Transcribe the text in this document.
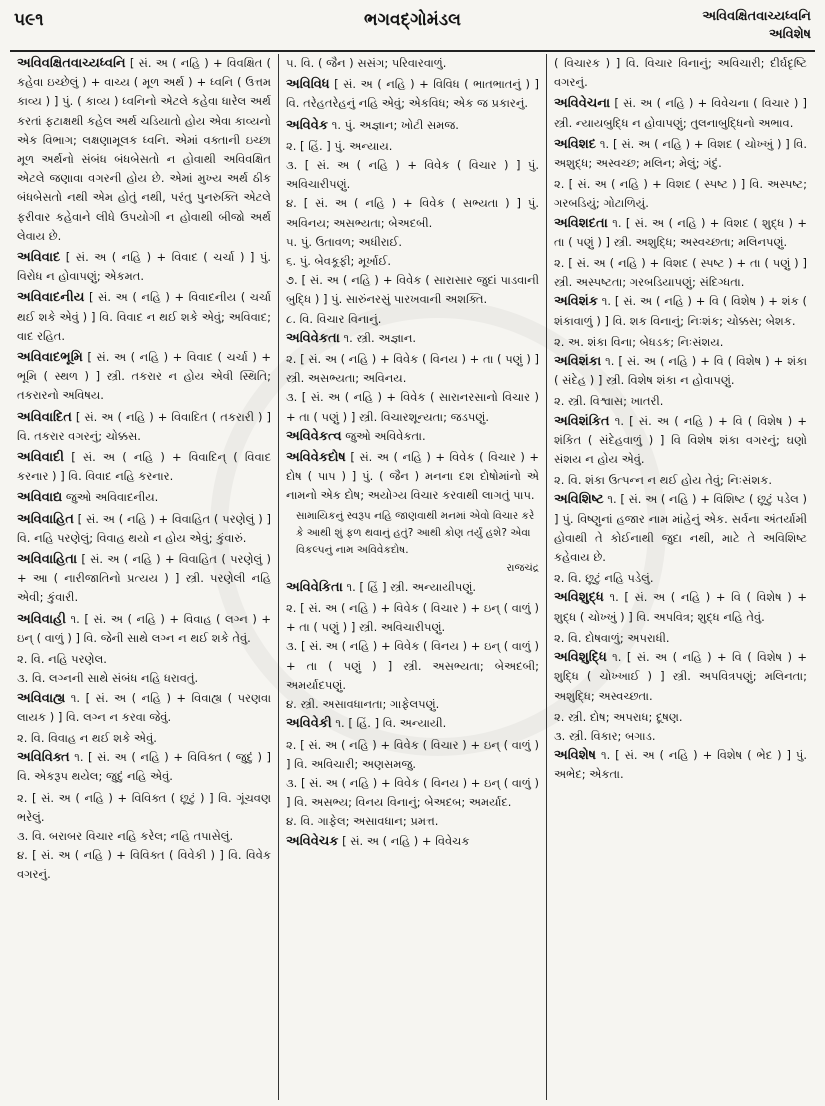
૫૯૧	ભગવદ્ગોમંડલ	અવિવક્ષિતવાચ્યધ્વનિ
અવિશેષ
અવિવક્ષિતવાચ્યધ્વનિ [ સં. અ ( નહિ ) + વિવક્ષિત ( કહેવા ઇચ્છેલું ) + વાચ્ય ( મૂળ અર્થ ) + ધ્વનિ ( ઉત્તમ કાવ્ય ) ] પું. ( કાવ્ય ) ધ્વનિનો એટલે કહેવા ધારેલ અર્થ કરતાં ફટાક્ષથી કહેલ અર્થ ચડિયાતો હોય એવા કાવ્યનો એક વિભાગ; લક્ષણામૂલક ધ્વનિ. એમાં વક્તાની ઇચ્છા મૂળ અર્થનો સંબંધ બંધબેસતો ન હોવાથી અવિવક્ષિત એટલે જણાવા વગરની હોય છે. એમાં મુખ્ય અર્થ ઠીક બંધબેસતો નથી એમ હોતું નથી, પરંતુ પુનરુક્તિ એટલે ફરીવાર કહેવાને લીધે ઉપયોગી ન હોવાથી બીજો અર્થ લેવાય છે.
અવિવાદ [ સં. અ ( નહિ ) + વિવાદ ( ચર્ચા ) ] પું. વિરોધ ન હોવાપણું; એકમત.
અવિવાદનીય [ સં. અ ( નહિ ) + વિવાદનીય ( ચર્ચા થઈ શકે એવું ) ] વિ. વિવાદ ન થઈ શકે એવું; અવિવાદ; વાદ રહિત.
અવિવાદભૂમિ [ સં. અ ( નહિ ) + વિવાદ ( ચર્ચા ) + ભૂમિ ( સ્થળ ) ] સ્ત્રી. તકરાર ન હોય એવી સ્થિતિ; તકરારનો અવિષય.
અવિવાદિત [ સં. અ ( નહિ ) + વિવાદિત ( તકરારી ) ] વિ. તકરાર વગરનું; ચોક્કસ.
અવિવાદી [ સં. અ ( નહિ ) + વિવાદિન્ ( વિવાદ કરનાર ) ] વિ. વિવાદ નહિ કરનાર.
અવિવાદ્ય જુઓ અવિવાદનીય.
અવિવાહિત [ સં. અ ( નહિ ) + વિવાહિત ( પરણેલું ) ] વિ. નહિ પરણેલું; વિવાહ થયો ન હોય એવું; કુંવારું.
અવિવાહિતા [ સં. અ ( નહિ ) + વિવાહિત ( પરણેલું ) + આ ( નારીજાતિનો પ્રત્યય ) ] સ્ત્રી. પરણેલી નહિ એવી; કુંવારી.
અવિવાહી ૧. [ સં. અ ( નહિ ) + વિવાહ ( લગ્ન ) + ઇન્ ( વાળું ) ] વિ. જેની સાથે લગ્ન ન થઈ શકે તેવું.
૨. વિ. નહિ પરણેલ.
૩. વિ. લગ્નની સાથે સંબંધ નહિ ધરાવતું.
અવિવાહ્ય ૧. [ સં. અ ( નહિ ) + વિવાહ્ય ( પરણવા લાયક ) ] વિ. લગ્ન ન કરવા જેવું.
૨. વિ. વિવાહ ન થઈ શકે એવું.
અવિવિક્ત ૧. [ સં. અ ( નહિ ) + વિવિક્ત ( જુદું ) ] વિ. એકરૂપ થયેલ; જુદું નહિ એવું.
૨. [ સં. અ ( નહિ ) + વિવિક્ત ( છૂટું ) ] વિ. ગૂંચવણ ભરેલું.
૩. વિ. બરાબર વિચાર નહિ કરેલ; નહિ તપાસેલું.
૪. [ સં. અ ( નહિ ) + વિવિક્ત ( વિવેકી ) ] વિ. વિવેક વગરનું.
૫. વિ. ( જૈન ) સસંગ; પરિવારવાળું.
અવિવિધ [ સં. અ ( નહિ ) + વિવિધ ( ભાતભાતનું ) ] વિ. તરેહતરેહનું નહિ એવું; એકવિધ; એક જ પ્રકારનું.
અવિવેક ૧. પું. અજ્ઞાન; ખોટી સમજ.
૨. [ હિં. ] પું. અન્યાય.
૩. [ સં. અ ( નહિ ) + વિવેક ( વિચાર ) ] પું. અવિચારીપણું.
૪. [ સં. અ ( નહિ ) + વિવેક ( સભ્યતા ) ] પું. અવિનય; અસભ્યતા; બેઅદબી.
૫. પું. ઉતાવળ; અધીરાઈ.
૬. પું. બેવકૂફી; મૂર્ખાઈ.
૭. [ સં. અ ( નહિ ) + વિવેક ( સારાસાર જુદાં પાડવાની બુદ્ધિ ) ] પું. સારુંનરસું પારખવાની અશક્તિ.
૮. વિ. વિચાર વિનાનું.
અવિવેકતા ૧. સ્ત્રી. અજ્ઞાન.
૨. [ સં. અ ( નહિ ) + વિવેક ( વિનય ) + તા ( પણું ) ] સ્ત્રી. અસભ્યતા; અવિનય.
૩. [ સં. અ ( નહિ ) + વિવેક ( સારાનરસાનો વિચાર ) + તા ( પણું ) ] સ્ત્રી. વિચારશૂન્યતા; જડપણું.
અવિવેકત્વ જુઓ અવિવેકતા.
અવિવેકદોષ [ સં. અ ( નહિ ) + વિવેક ( વિચાર ) + દોષ ( પાપ ) ] પું. ( જૈન ) મનના દશ દોષોમાંનો એ નામનો એક દોષ; અયોગ્ય વિચાર કરવાથી લાગતું પાપ.
સામાયિકનું સ્વરૂપ નહિ જાણવાથી મનમાં એવો વિચાર કરે કે આથી શું ફળ થવાનું હતું? આથી કોણ તર્યું હશે? એવા વિકલ્પનું નામ અવિવેકદોષ.
રાજચંદ્ર
અવિવેકિતા ૧. [ હિં ] સ્ત્રી. અન્યાયીપણું.
૨. [ સં. અ ( નહિ ) + વિવેક ( વિચાર ) + ઇન્ ( વાળું ) + તા ( પણું ) ] સ્ત્રી. અવિચારીપણું.
૩. [ સં. અ ( નહિ ) + વિવેક ( વિનય ) + ઇન્ ( વાળું ) + તા ( પણું ) ] સ્ત્રી. અસભ્યતા; બેઅદબી; અમર્યાદપણું.
૪. સ્ત્રી. અસાવધાનતા; ગાફેલપણું.
અવિવેકી ૧. [ હિં. ] વિ. અન્યાયી.
૨. [ સં. અ ( નહિ ) + વિવેક ( વિચાર ) + ઇન્ ( વાળું ) ] વિ. અવિચારી; અણસમજુ.
૩. [ સં. અ ( નહિ ) + વિવેક ( વિનય ) + ઇન્ ( વાળું ) ] વિ. અસભ્ય; વિનય વિનાનું; બેઅદબ; અમર્યાદ.
૪. વિ. ગાફેલ; અસાવધાન; પ્રમત્ત.
અવિવેચક [ સં. અ ( નહિ ) + વિવેચક
( વિચારક ) ] વિ. વિચાર વિનાનું; અવિચારી; દીર્ઘદૃષ્ટિ વગરનું.
અવિવેચના [ સં. અ ( નહિ ) + વિવેચના ( વિચાર ) ] સ્ત્રી. ન્યાયબુદ્ધિ ન હોવાપણું; તુલનાબુદ્ધિનો અભાવ.
અવિશદ ૧. [ સં. અ ( નહિ ) + વિશદ ( ચોખ્ખું ) ] વિ. અશુદ્ધ; અસ્વચ્છ; મલિન; મેલું; ગંદું.
૨. [ સં. અ ( નહિ ) + વિશદ ( સ્પષ્ટ ) ] વિ. અસ્પષ્ટ; ગરબડિયું; ગોટાળિયું.
અવિશદતા ૧. [ સં. અ ( નહિ ) + વિશદ ( શુદ્ધ ) + તા ( પણું ) ] સ્ત્રી. અશુદ્ધિ; અસ્વચ્છતા; મલિનપણું.
૨. [ સં. અ ( નહિ ) + વિશદ ( સ્પષ્ટ ) + તા ( પણું ) ] સ્ત્રી. અસ્પષ્ટતા; ગરબડિયાપણું; સંદિગ્ધતા.
અવિશંક ૧. [ સં. અ ( નહિ ) + વિ ( વિશેષ ) + શંક ( શંકાવાળું ) ] વિ. શક વિનાનું; નિઃશંક; ચોક્કસ; બેશક.
૨. અ. શંકા વિના; બેધડક; નિઃસંશય.
અવિશંકા ૧. [ સં. અ ( નહિ ) + વિ ( વિશેષ ) + શંકા ( સંદેહ ) ] સ્ત્રી. વિશેષ શંકા ન હોવાપણું.
૨. સ્ત્રી. વિશ્વાસ; ખાતરી.
અવિશંકિત ૧. [ સં. અ ( નહિ ) + વિ ( વિશેષ ) + શંકિત ( સંદેહવાળું ) ] વિ વિશેષ શંકા વગરનું; ઘણો સંશય ન હોય એવું.
૨. વિ. શંકા ઉત્પન્ન ન થઈ હોય તેવું; નિઃસંશક.
અવિશિષ્ટ ૧. [ સં. અ ( નહિ ) + વિશિષ્ટ ( છૂટું પડેલ ) ] પું. વિષ્ણુનાં હજાર નામ માંહેનું એક. સર્વના અંતર્યામી હોવાથી તે કોઈનાથી જુદા નથી, માટે તે અવિશિષ્ટ કહેવાય છે.
૨. વિ. છૂટું નહિ પડેલું.
અવિશુદ્ધ ૧. [ સં. અ ( નહિ ) + વિ ( વિશેષ ) + શુદ્ધ ( ચોખ્ખું ) ] વિ. અપવિત્ર; શુદ્ધ નહિ તેવું.
૨. વિ. દોષવાળું; અપરાધી.
અવિશુદ્ધિ ૧. [ સં. અ ( નહિ ) + વિ ( વિશેષ ) + શુદ્ધિ ( ચોખ્ખાઈ ) ] સ્ત્રી. અપવિત્રપણું; મલિનતા; અશુદ્ધિ; અસ્વચ્છતા.
૨. સ્ત્રી. દોષ; અપરાધ; દૂષણ.
૩. સ્ત્રી. વિકાર; બગાડ.
અવિશેષ ૧. [ સં. અ ( નહિ ) + વિશેષ ( ભેદ ) ] પું. અભેદ; એકતા.
